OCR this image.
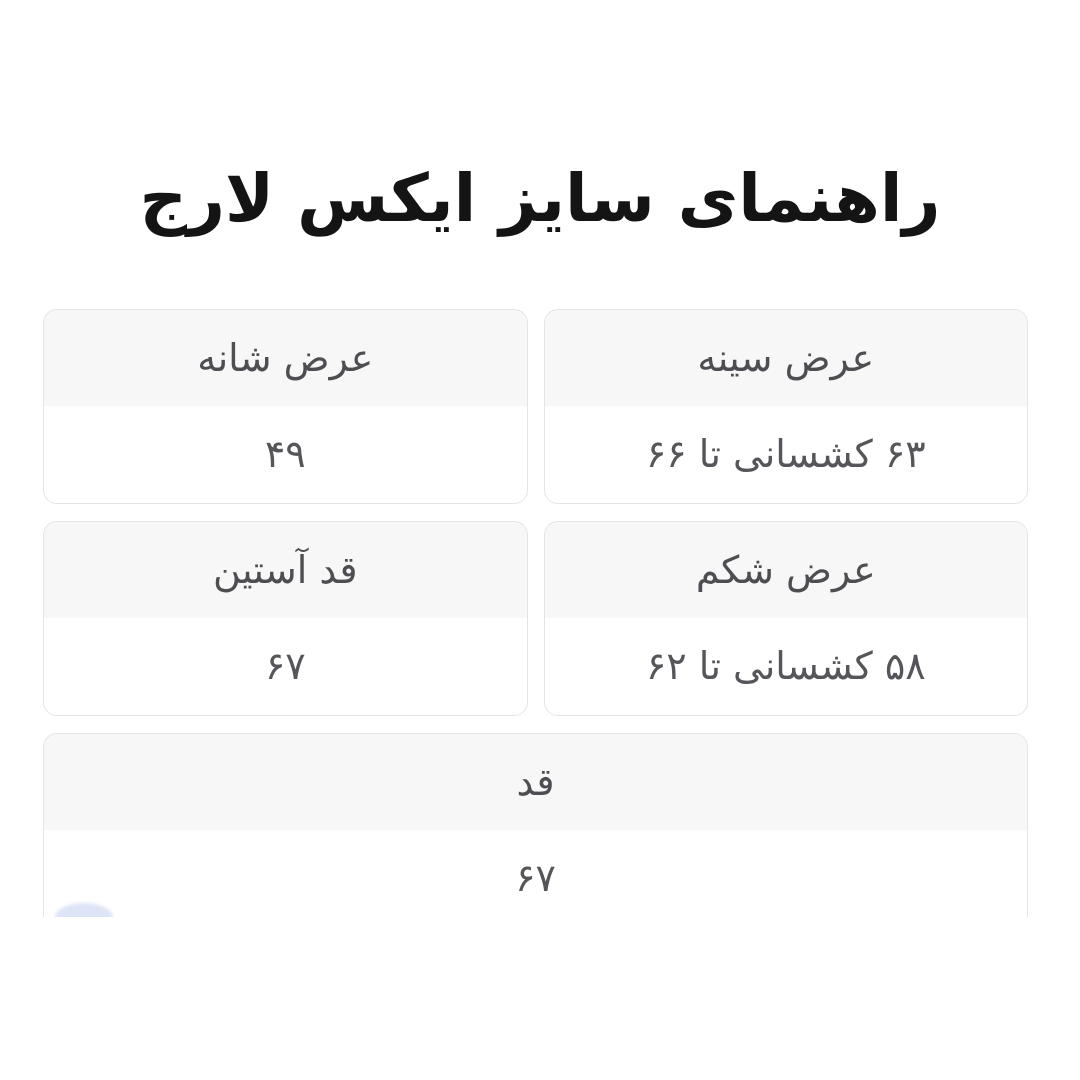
راهنمای سایز ایکس لارج
عرض سینه
۶۳ کشسانی تا ۶۶
عرض شانه
۴۹
عرض شکم
۵۸ کشسانی تا ۶۲
قد آستین
۶۷
قد
۶۷
